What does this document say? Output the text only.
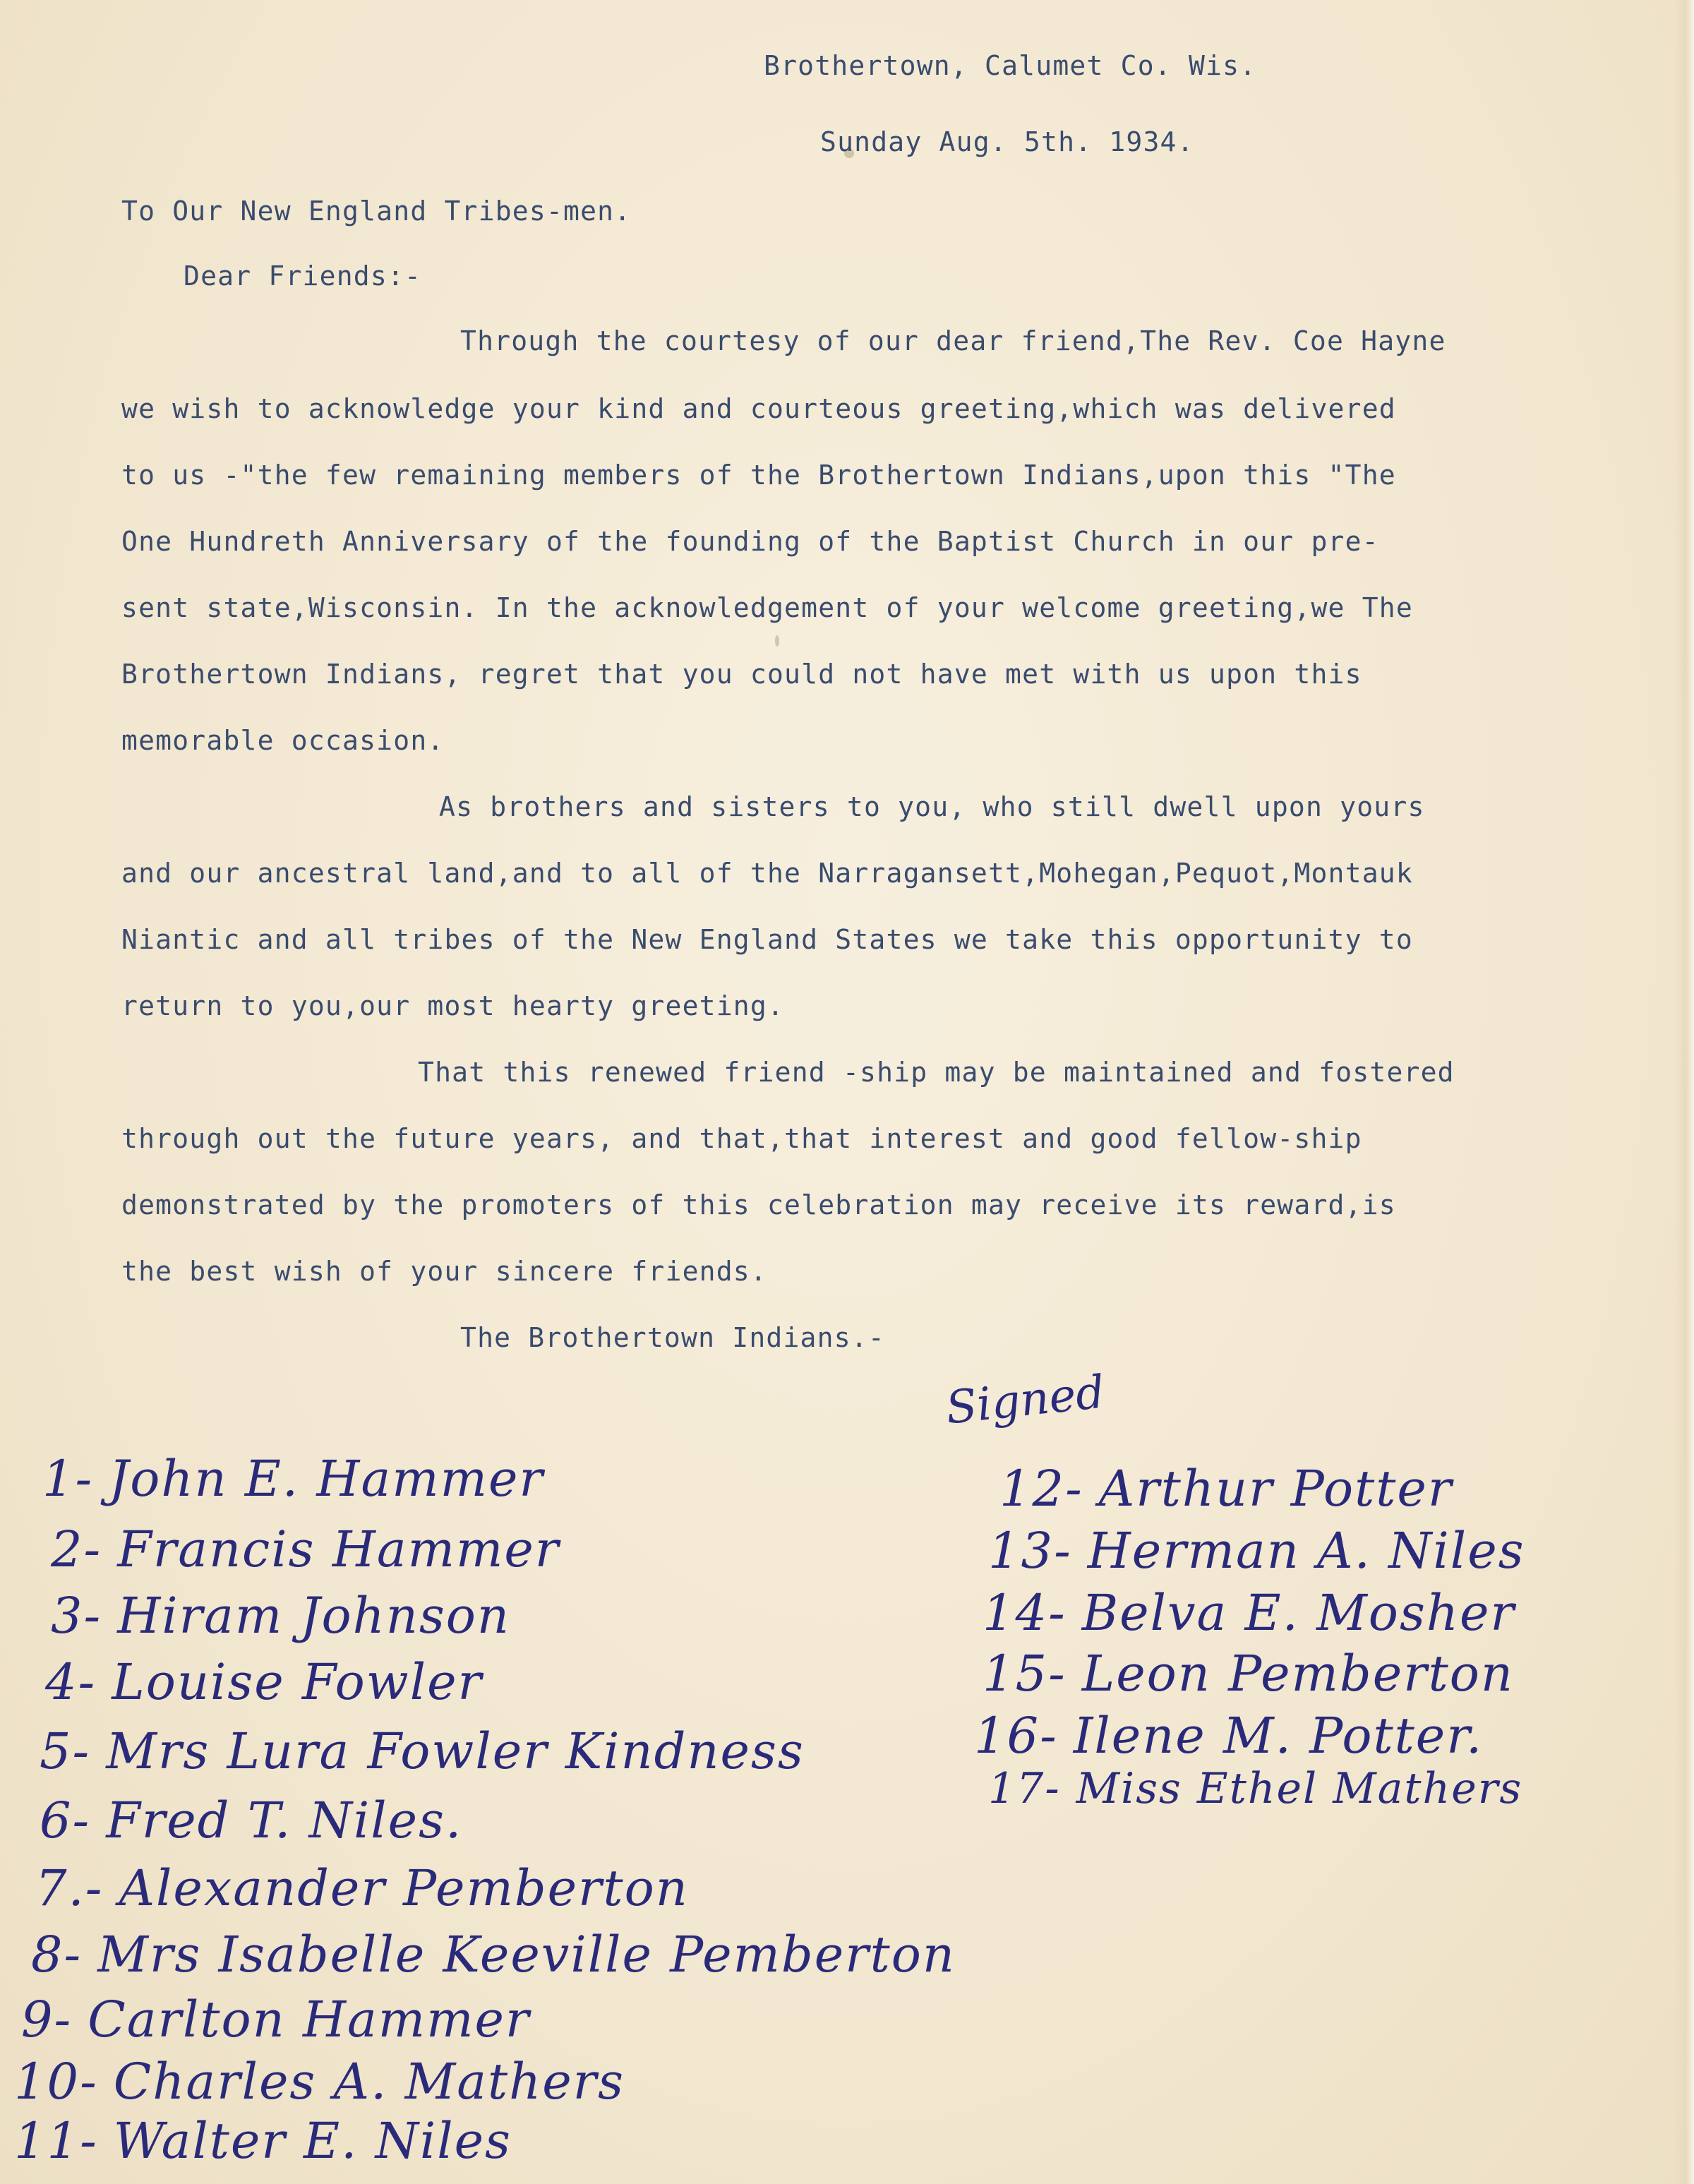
Brothertown, Calumet Co. Wis.
Sunday Aug. 5th. 1934.
To Our New England Tribes-men.
Dear Friends:-
Through the courtesy of our dear friend,The Rev. Coe Hayne
we wish to acknowledge your kind and courteous greeting,which was delivered
to us -"the few remaining members of the Brothertown Indians,upon this "The
One Hundreth Anniversary of the founding of the Baptist Church in our pre-
sent state,Wisconsin. In the acknowledgement of your welcome greeting,we The
Brothertown Indians, regret that you could not have met with us upon this
memorable occasion.
As brothers and sisters to you, who still dwell upon yours
and our ancestral land,and to all of the Narragansett,Mohegan,Pequot,Montauk
Niantic and all tribes of the New England States we take this opportunity to
return to you,our most hearty greeting.
That this renewed friend -ship may be maintained and fostered
through out the future years, and that,that interest and good fellow-ship
demonstrated by the promoters of this celebration may receive its reward,is
the best wish of your sincere friends.
The Brothertown Indians.-
Signed
1- John E. Hammer
2- Francis Hammer
3- Hiram Johnson
4- Louise Fowler
5- Mrs Lura Fowler Kindness
6- Fred T. Niles.
7.- Alexander Pemberton
8- Mrs Isabelle Keeville Pemberton
9- Carlton Hammer
10- Charles A. Mathers
11- Walter E. Niles
12- Arthur Potter
13- Herman A. Niles
14- Belva E. Mosher
15- Leon Pemberton
16- Ilene M. Potter.
17- Miss Ethel Mathers
